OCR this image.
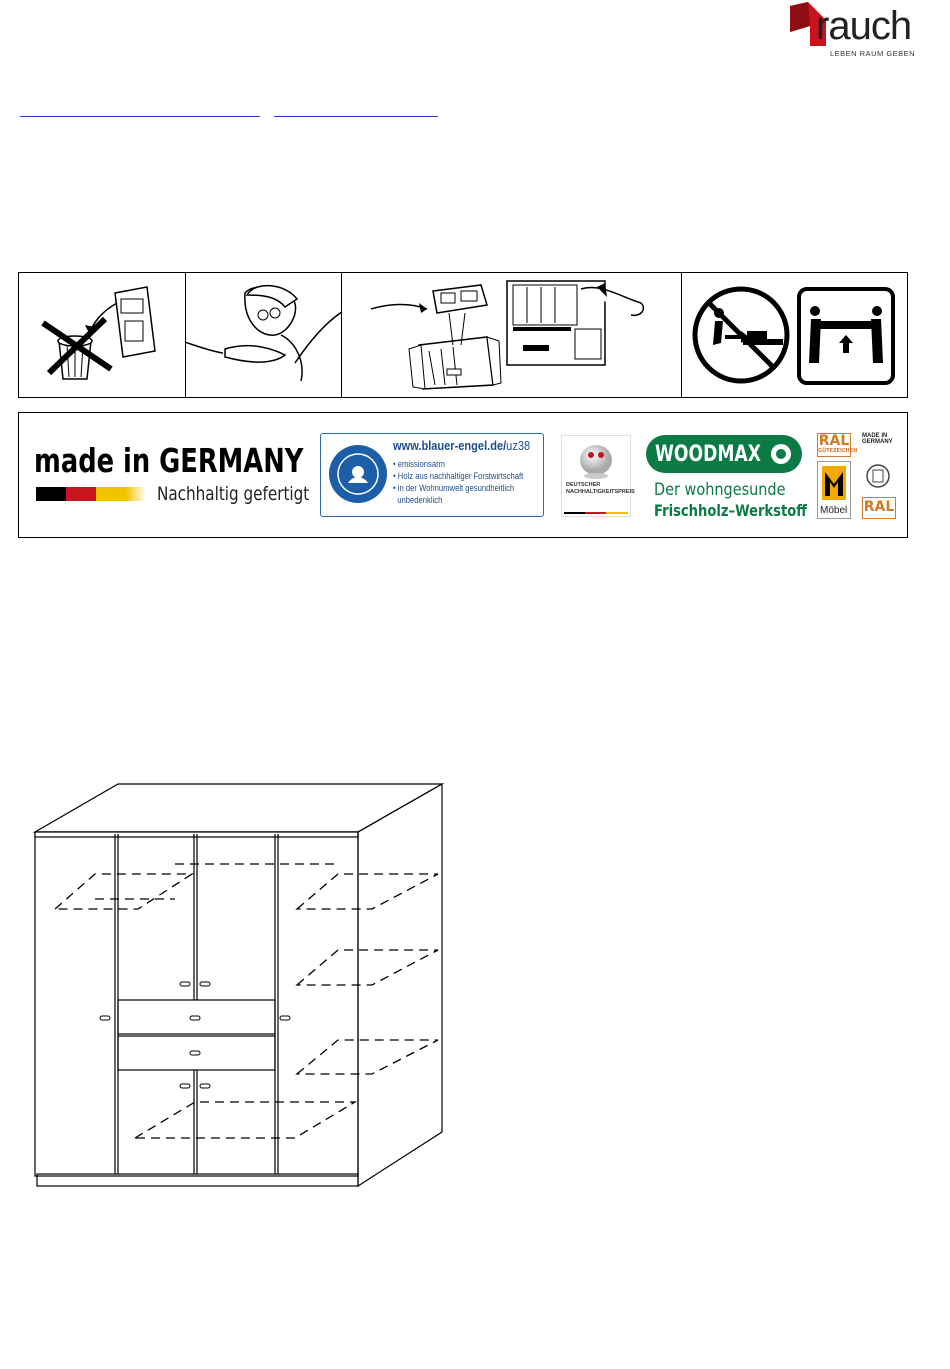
rauch
LEBEN RAUM GEBEN
made in GERMANY
Nachhaltig gefertigt
www.blauer-engel.de/uz38
• emissionsarm
• Holz aus nachhaltiger Forstwirtschaft
• in der Wohnumwelt gesundheitlich
unbedenklich
DEUTSCHER NACHHALTIGKEITSPREIS
WOODMAX
Der wohngesunde
Frischholz–Werkstoff
RAL
GÜTEZEICHEN
Möbel
MADE IN GERMANY
RAL
